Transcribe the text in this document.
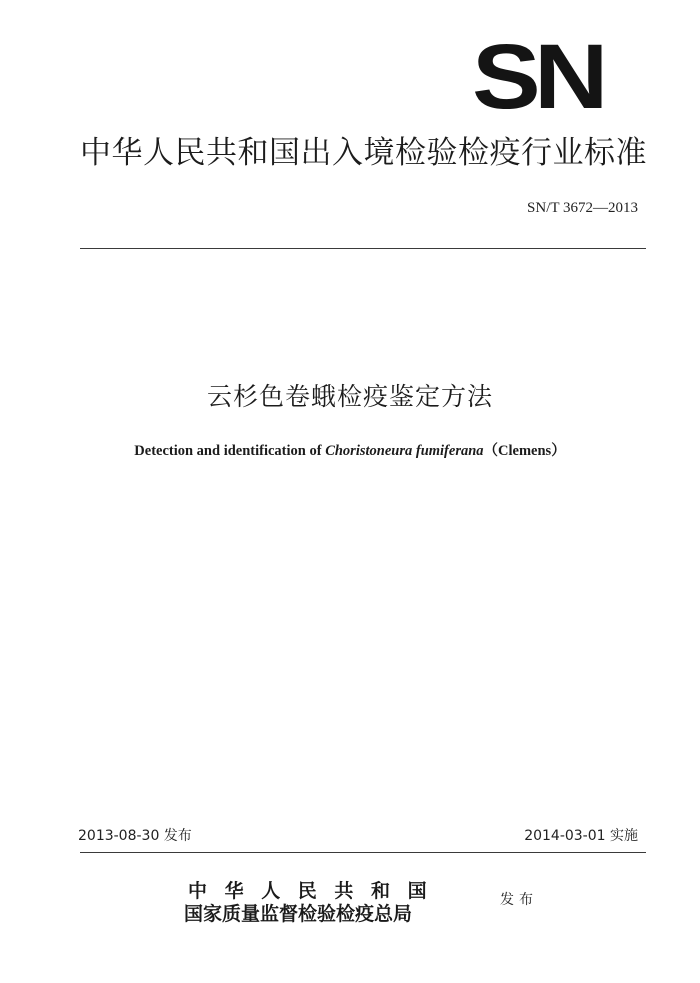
SN
中华人民共和国出入境检验检疫行业标准
SN/T 3672—2013
云杉色卷蛾检疫鉴定方法
Detection and identification of Choristoneura fumiferana（Clemens）
2013-08-30 发布	2014-03-01 实施
中华人民共和国
国家质量监督检验检疫总局
发布
